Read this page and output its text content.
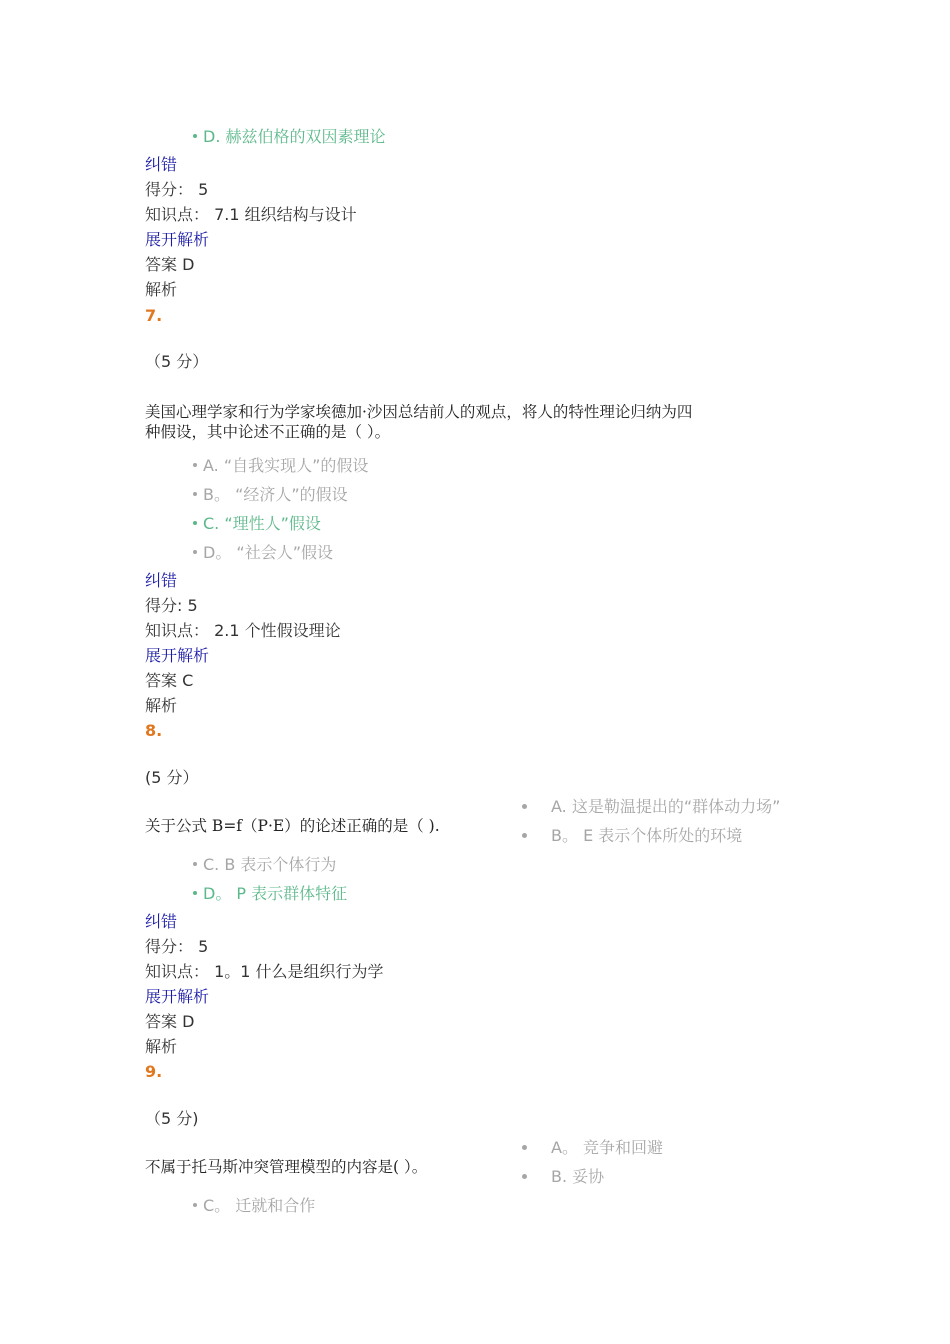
D. 赫兹伯格的双因素理论
纠错
得分： 5
知识点： 7.1 组织结构与设计
展开解析
答案 D
解析
7.
（5 分）
美国心理学家和行为学家埃德加·沙因总结前人的观点，将人的特性理论归纳为四
种假设，其中论述不正确的是（ ）。
A. “自我实现人”的假设
B。 “经济人”的假设
C. “理性人”假设
D。 “社会人”假设
纠错
得分: 5
知识点： 2.1 个性假设理论
展开解析
答案 C
解析
8.
(5 分）
A. 这是勒温提出的“群体动力场”
关于公式 B=f（P·E）的论述正确的是（ ).	B。 E 表示个体所处的环境
C. B 表示个体行为
D。 P 表示群体特征
纠错
得分： 5
知识点： 1。1 什么是组织行为学
展开解析
答案 D
解析
9.
（5 分)
A。 竞争和回避
不属于托马斯冲突管理模型的内容是( ）。	B. 妥协
C。 迁就和合作
